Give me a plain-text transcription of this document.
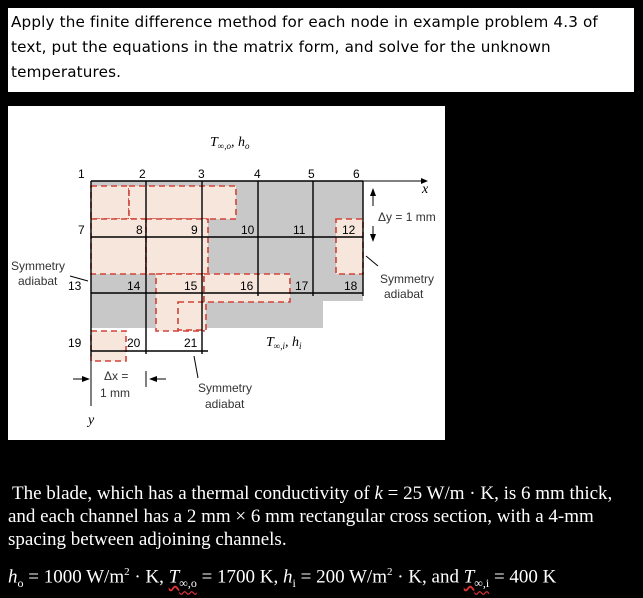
Apply the finite difference method for each node in example problem 4.3 of text, put the equations in the matrix form, and solve for the unknown temperatures.
x
y
$T_{\infty,o}$, $h_o$
$T_{\infty,i}$, $h_i$
1	2	3	4	5	6
7	8	9	10	11	12
13	14	15	16	17	18
19	20	21
Δy = 1 mm
Δx =
1 mm
Symmetry
adiabat	Symmetry
adiabat
Symmetry
adiabat

The blade, which has a thermal conductivity of k = 25 W/m · K, is 6 mm thick, and each channel has a 2 mm × 6 mm rectangular cross section, with a 4-mm spacing between adjoining channels.

$h_o = 1000$ $W/m^2 \cdot K$, $T_{\infty,o} = 1700$ K, $h_i = 200$ $W/m^2 \cdot K$, and $T_{\infty,i} = 400$ K
